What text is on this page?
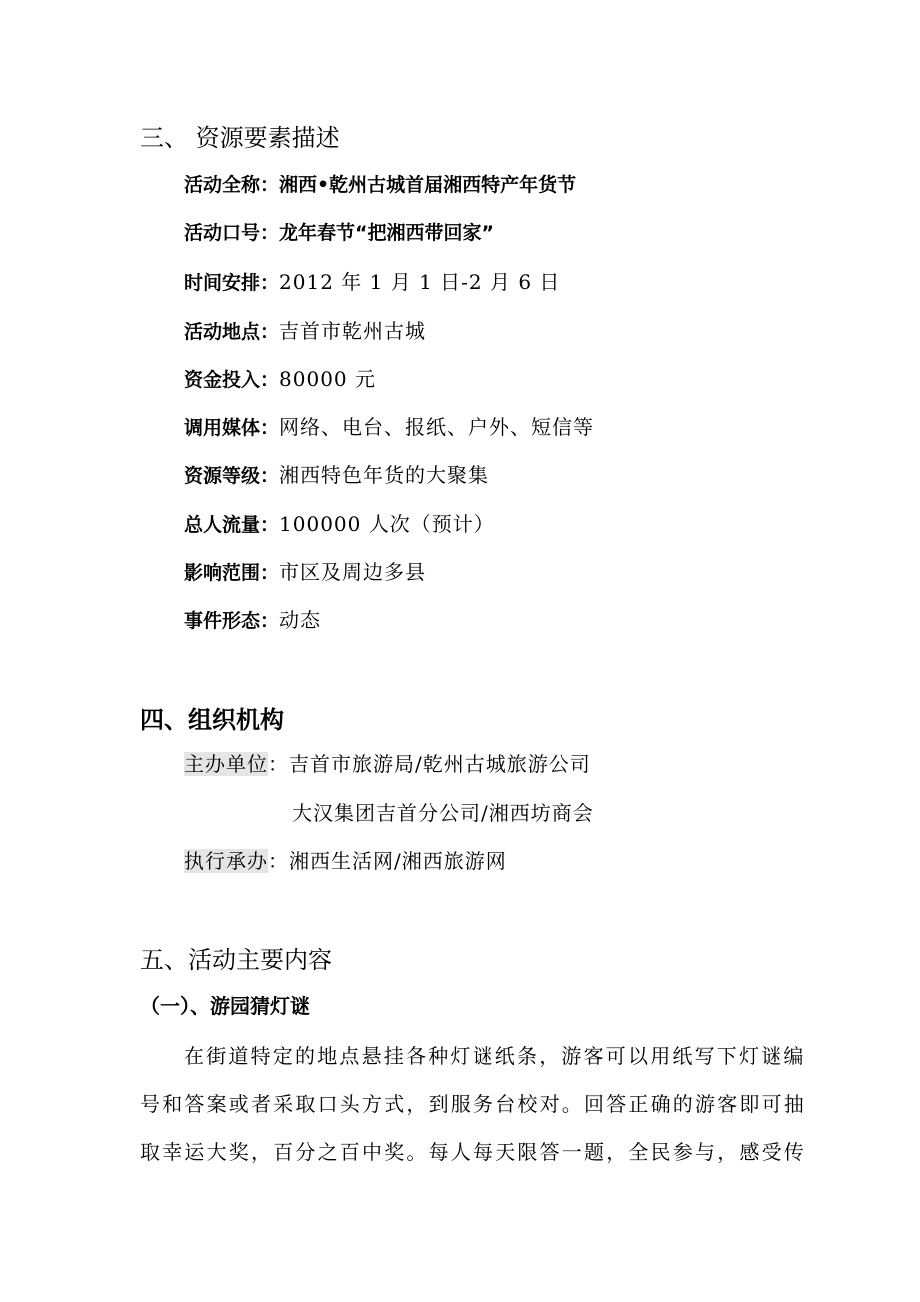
三、 资源要素描述
活动全称：湘西•乾州古城首届湘西特产年货节
活动口号：龙年春节“把湘西带回家”
时间安排：2012 年 1 月 1 日-2 月 6 日
活动地点：吉首市乾州古城
资金投入：80000 元
调用媒体：网络、电台、报纸、户外、短信等
资源等级：湘西特色年货的大聚集
总人流量：100000 人次（预计）
影响范围：市区及周边多县
事件形态：动态
四、组织机构
主办单位：吉首市旅游局/乾州古城旅游公司
大汉集团吉首分公司/湘西坊商会
执行承办：湘西生活网/湘西旅游网
五、活动主要内容
（一）、游园猜灯谜
在街道特定的地点悬挂各种灯谜纸条，游客可以用纸写下灯谜编
号和答案或者采取口头方式，到服务台校对。回答正确的游客即可抽
取幸运大奖，百分之百中奖。每人每天限答一题，全民参与，感受传
